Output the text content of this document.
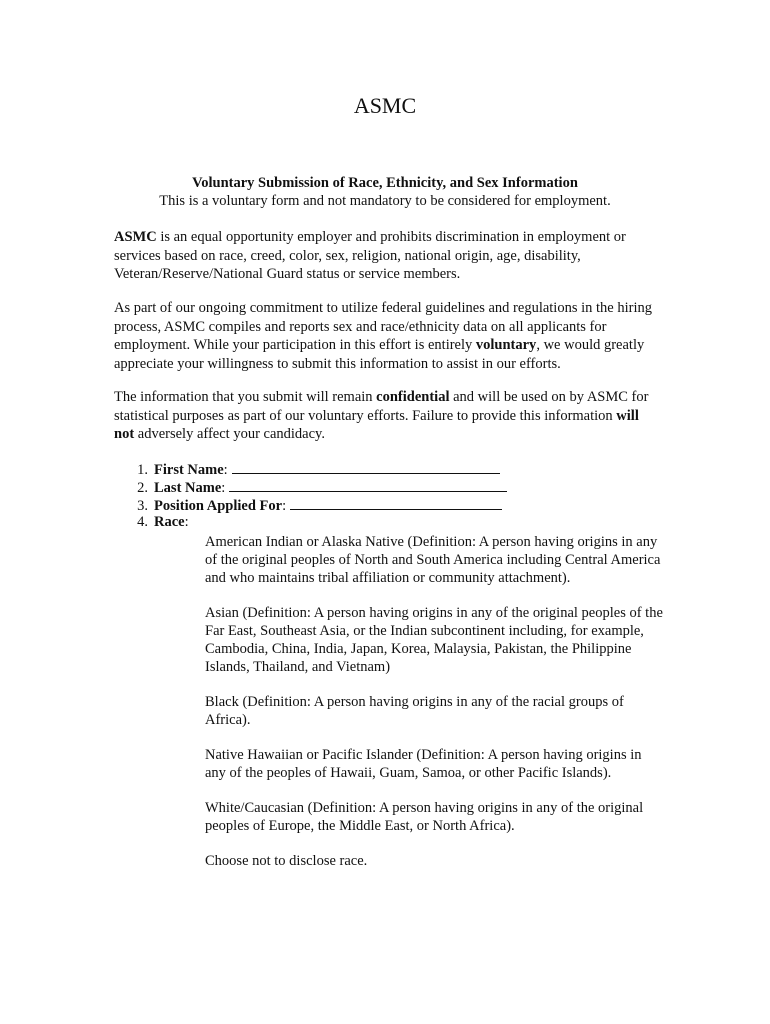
ASMC
Voluntary Submission of Race, Ethnicity, and Sex Information
This is a voluntary form and not mandatory to be considered for employment.

ASMC is an equal opportunity employer and prohibits discrimination in employment or services based on race, creed, color, sex, religion, national origin, age, disability, Veteran/Reserve/National Guard status or service members.

As part of our ongoing commitment to utilize federal guidelines and regulations in the hiring process, ASMC compiles and reports sex and race/ethnicity data on all applicants for employment. While your participation in this effort is entirely voluntary, we would greatly appreciate your willingness to submit this information to assist in our efforts.

The information that you submit will remain confidential and will be used on by ASMC for statistical purposes as part of our voluntary efforts. Failure to provide this information will not adversely affect your candidacy.

1. First Name :
2. Last Name :
3. Position Applied For :
4. Race :

American Indian or Alaska Native (Definition: A person having origins in any of the original peoples of North and South America including Central America and who maintains tribal affiliation or community attachment).

Asian (Definition: A person having origins in any of the original peoples of the Far East, Southeast Asia, or the Indian subcontinent including, for example, Cambodia, China, India, Japan, Korea, Malaysia, Pakistan, the Philippine Islands, Thailand, and Vietnam)

Black (Definition: A person having origins in any of the racial groups of Africa).

Native Hawaiian or Pacific Islander (Definition: A person having origins in any of the peoples of Hawaii, Guam, Samoa, or other Pacific Islands).

White/Caucasian (Definition: A person having origins in any of the original peoples of Europe, the Middle East, or North Africa).

Choose not to disclose race.
